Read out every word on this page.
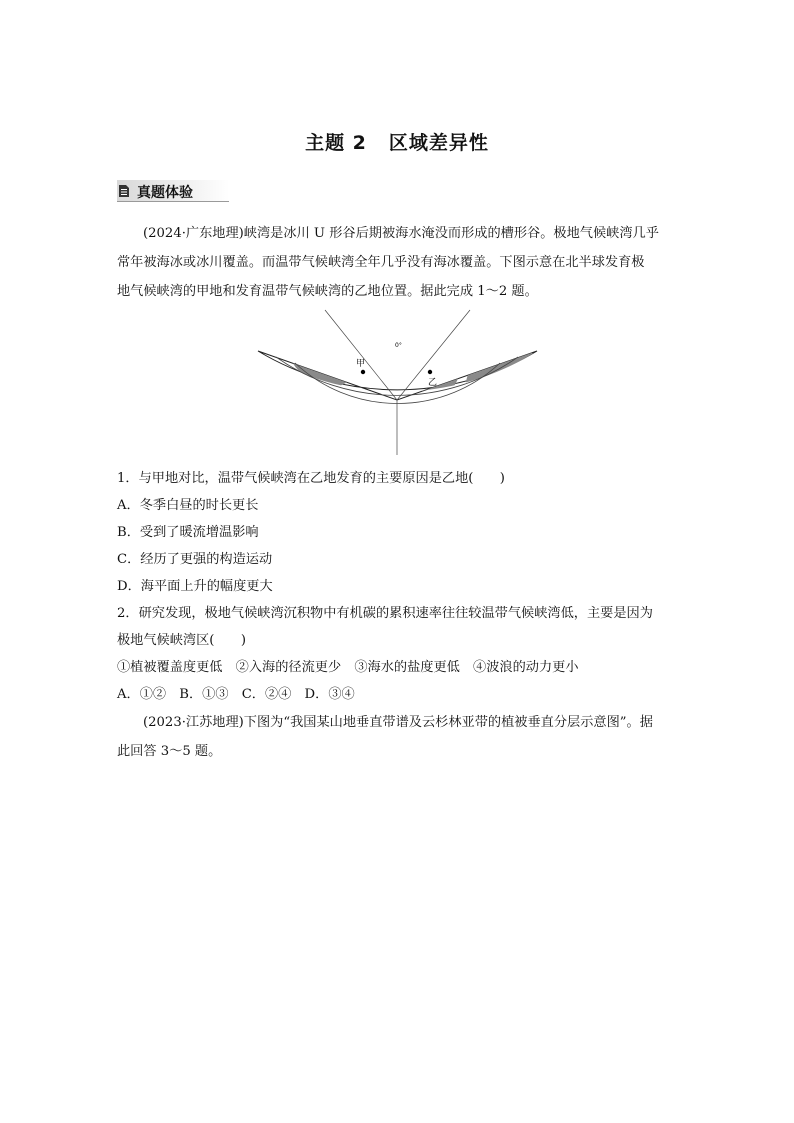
主题 2 区域差异性
真题体验
(2024·广东地理)峡湾是冰川 U 形谷后期被海水淹没而形成的槽形谷。极地气候峡湾几乎
常年被海冰或冰川覆盖。而温带气候峡湾全年几乎没有海冰覆盖。下图示意在北半球发育极
地气候峡湾的甲地和发育温带气候峡湾的乙地位置。据此完成 1～2 题。
甲
乙
0°
1．与甲地对比，温带气候峡湾在乙地发育的主要原因是乙地(　　)
A．冬季白昼的时长更长
B．受到了暖流增温影响
C．经历了更强的构造运动
D．海平面上升的幅度更大
2．研究发现，极地气候峡湾沉积物中有机碳的累积速率往往较温带气候峡湾低，主要是因为
极地气候峡湾区(　　)
①植被覆盖度更低　②入海的径流更少　③海水的盐度更低　④波浪的动力更小
A．①②　B．①③　C．②④　D．③④
(2023·江苏地理)下图为“我国某山地垂直带谱及云杉林亚带的植被垂直分层示意图”。据
此回答 3～5 题。
